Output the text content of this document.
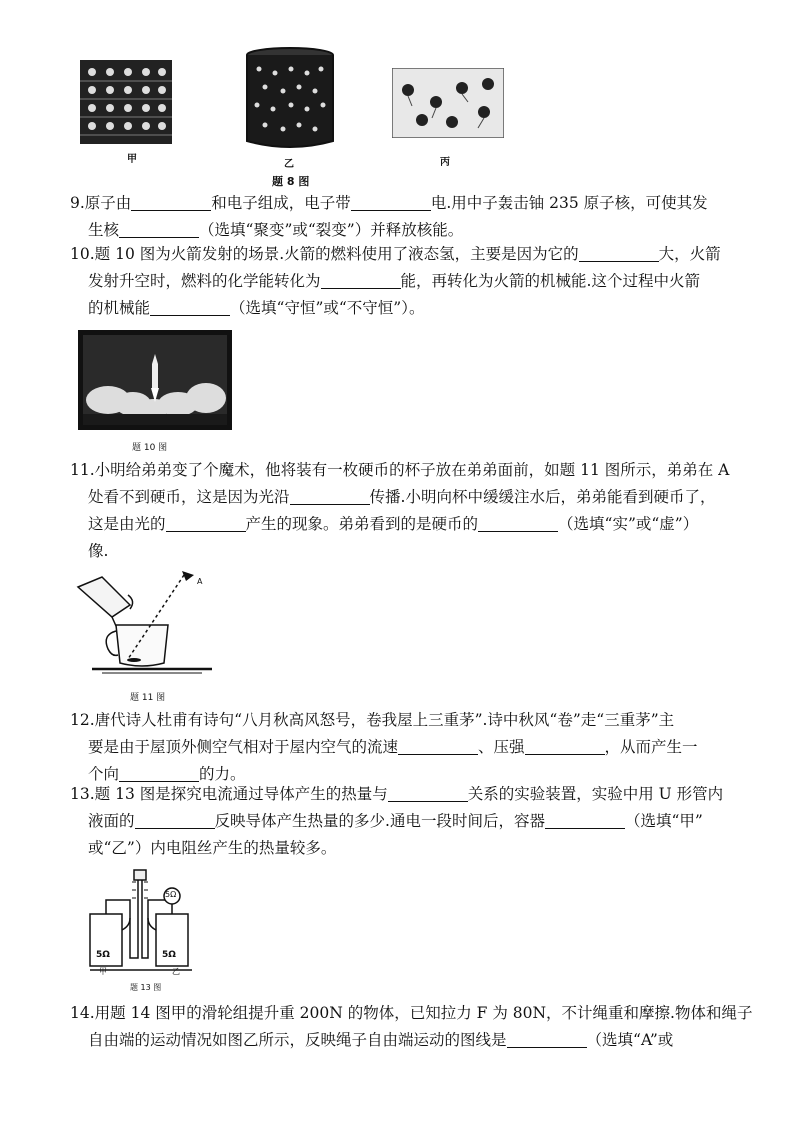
甲	乙	丙
题 8 图
9.原子由	和电子组成，电子带	电.用中子轰击铀 235 原子核，可使其发
生核	（选填“聚变”或“裂变”）并释放核能。
10.题 10 图为火箭发射的场景.火箭的燃料使用了液态氢，主要是因为它的	大，火箭
发射升空时，燃料的化学能转化为	能，再转化为火箭的机械能.这个过程中火箭
的机械能	（选填“守恒”或“不守恒”）。
题 10 图
11.小明给弟弟变了个魔术，他将装有一枚硬币的杯子放在弟弟面前，如题 11 图所示，弟弟在 A
处看不到硬币，这是因为光沿	传播.小明向杯中缓缓注水后，弟弟能看到硬币了，
这是由光的	产生的现象。弟弟看到的是硬币的	（选填“实”或“虚”）
像.
A
题 11 图
12.唐代诗人杜甫有诗句“八月秋高风怒号，卷我屋上三重茅”.诗中秋风“卷”走“三重茅”主
要是由于屋顶外侧空气相对于屋内空气的流速	、压强	，从而产生一
个向	的力。
13.题 13 图是探究电流通过导体产生的热量与	关系的实验装置，实验中用 U 形管内
液面的	反映导体产生热量的多少.通电一段时间后，容器	（选填“甲”
或“乙”）内电阻丝产生的热量较多。
5Ω	5Ω
5Ω
甲	乙
题 13 图
14.用题 14 图甲的滑轮组提升重 200N 的物体，已知拉力 F 为 80N，不计绳重和摩擦.物体和绳子
自由端的运动情况如图乙所示，反映绳子自由端运动的图线是	（选填“A”或
